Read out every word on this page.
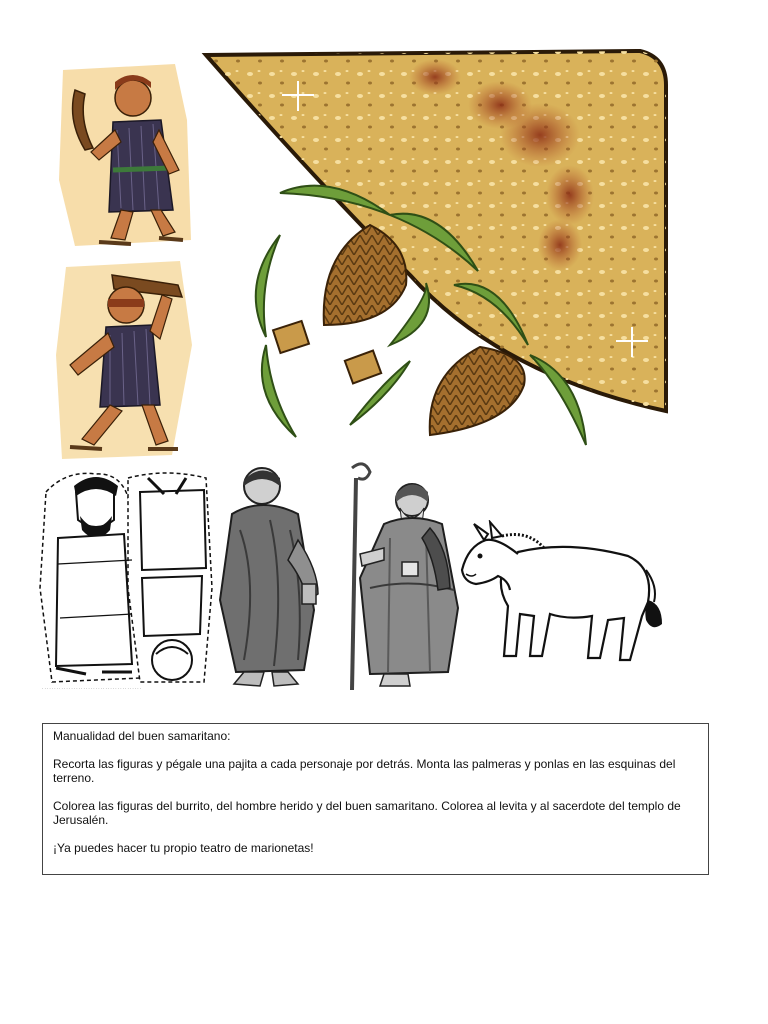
· · · · · · · · · · · · · · · · · · · · · · · · · · · · · · · · · · · · · · · · ·

Manualidad del buen samaritano:

Recorta las figuras y pégale una pajita a cada personaje por detrás. Monta las palmeras y ponlas en las esquinas del terreno.

Colorea las figuras del burrito, del hombre herido y del buen samaritano. Colorea al levita y al sacerdote del templo de Jerusalén.

¡Ya puedes hacer tu propio teatro de marionetas!
